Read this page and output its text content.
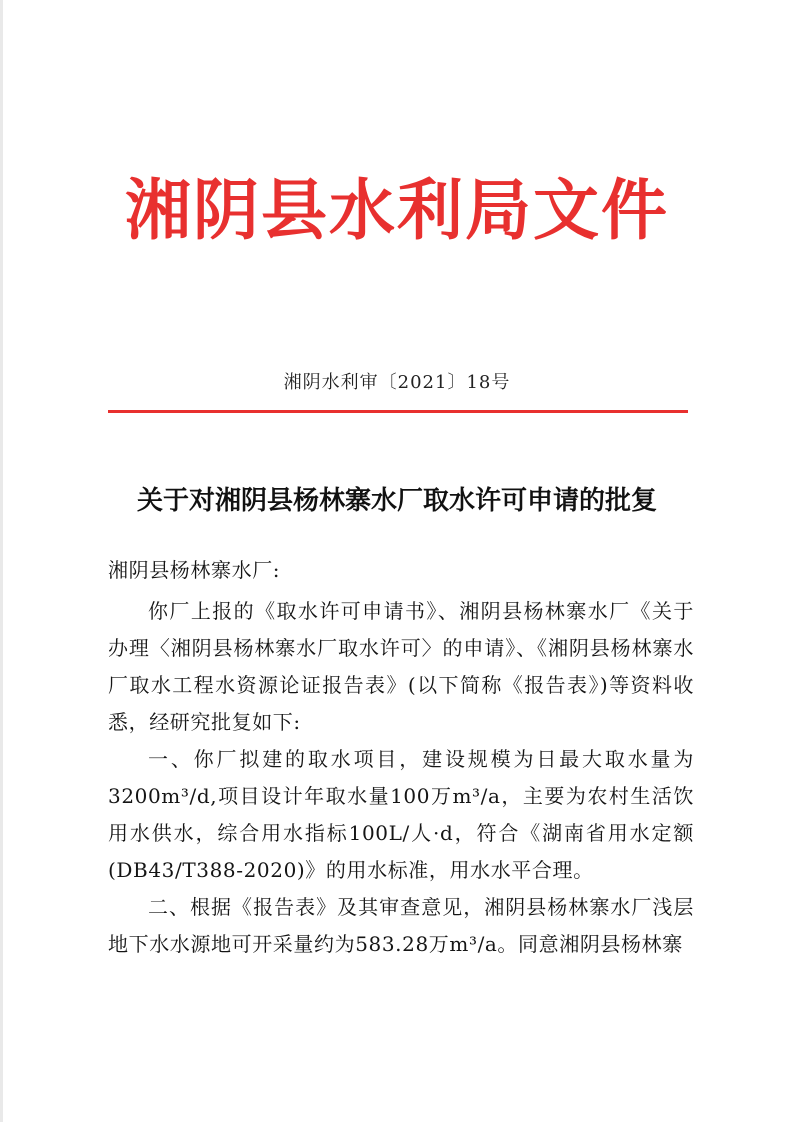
湘阴县水利局文件
湘阴水利审〔2021〕18号
关于对湘阴县杨林寨水厂取水许可申请的批复

湘阴县杨林寨水厂:

你厂上报的《取水许可申请书》、湘阴县杨林寨水厂《关于办理〈湘阴县杨林寨水厂取水许可〉的申请》、《湘阴县杨林寨水厂取水工程水资源论证报告表》(以下简称《报告表》)等资料收悉，经研究批复如下:

一、你厂拟建的取水项目，建设规模为日最大取水量为3200m³/d,项目设计年取水量100万m³/a，主要为农村生活饮用水供水，综合用水指标100L/人·d，符合《湖南省用水定额(DB43/T388-2020)》的用水标准，用水水平合理。

二、根据《报告表》及其审查意见，湘阴县杨林寨水厂浅层地下水水源地可开采量约为583.28万m³/a。同意湘阴县杨林寨
